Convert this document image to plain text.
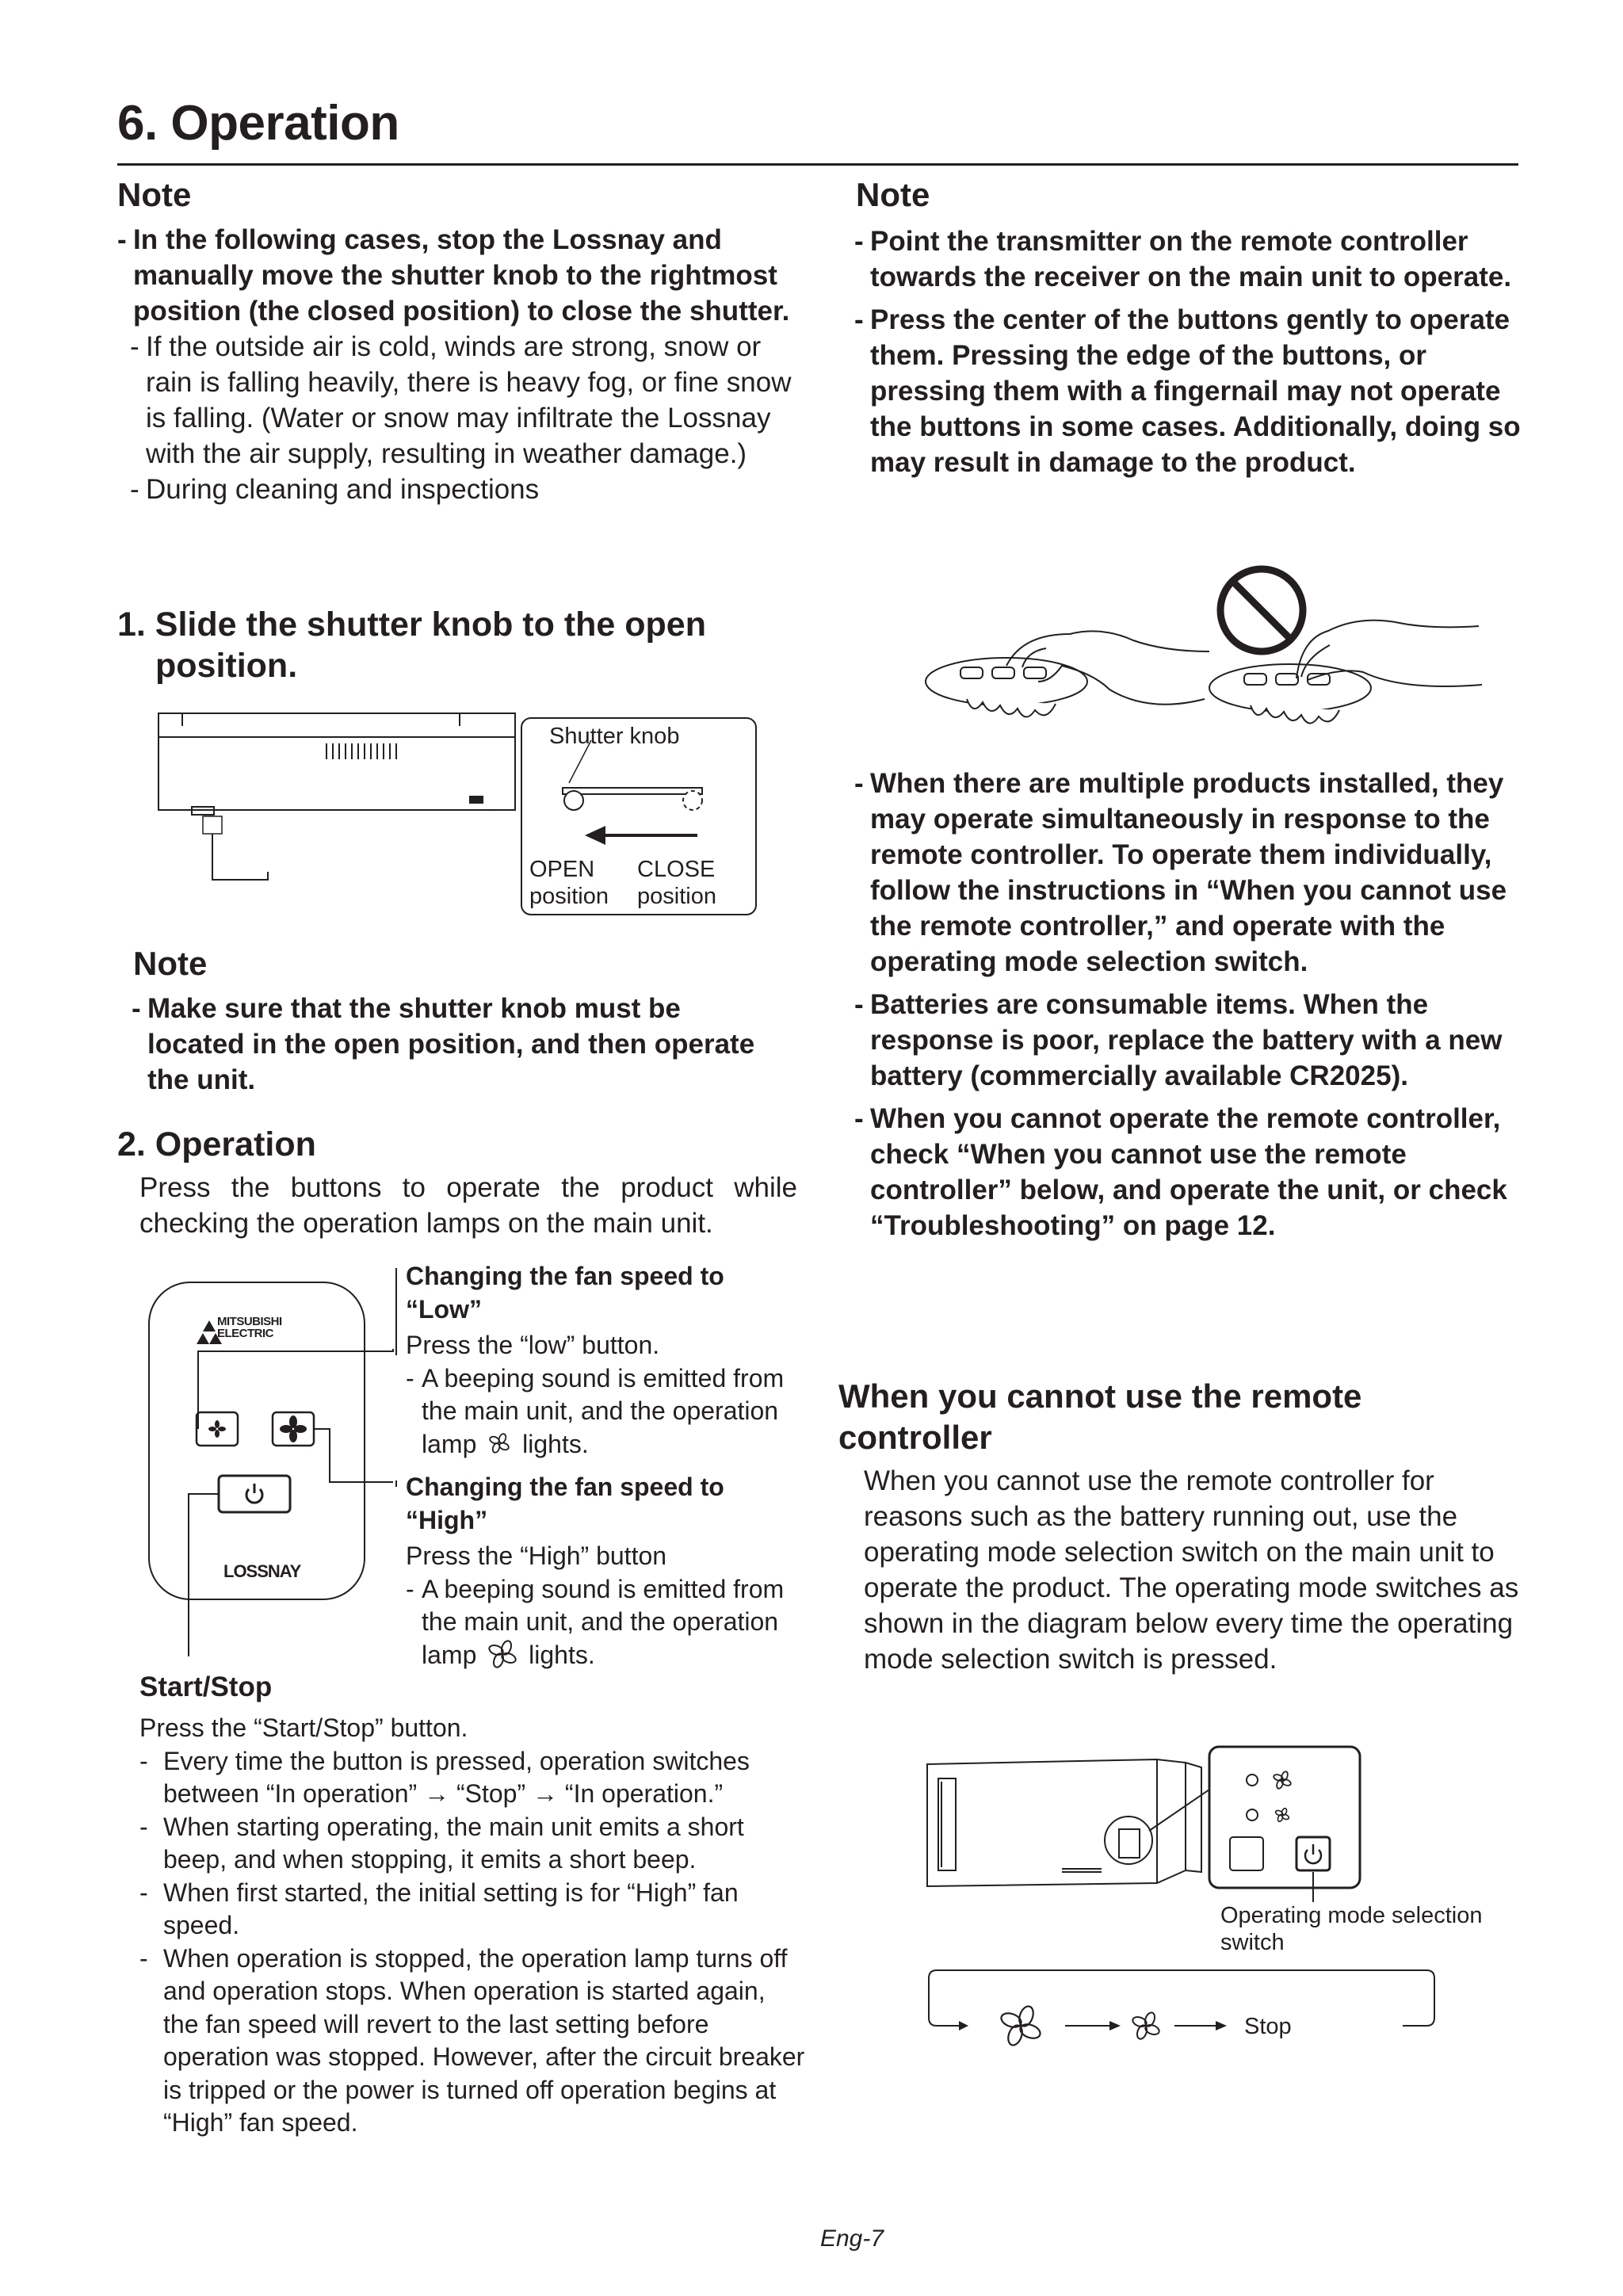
6. Operation
Note
- In the following cases, stop the Lossnay and manually move the shutter knob to the rightmost position (the closed position) to close the shutter.
- If the outside air is cold, winds are strong, snow or rain is falling heavily, there is heavy fog, or fine snow is falling. (Water or snow may infiltrate the Lossnay with the air supply, resulting in weather damage.)
- During cleaning and inspections
1. Slide the shutter knob to the open position.
Shutter knob
OPEN
position
CLOSE
position
Note
- Make sure that the shutter knob must be located in the open position, and then operate the unit.
2. Operation
Press the buttons to operate the product while checking the operation lamps on the main unit.
MITSUBISHI
ELECTRIC
LOSSNAY
Changing the fan speed to “Low”
Press the “low” button.
- A beeping sound is emitted from the main unit, and the operation lamp lights.
Changing the fan speed to “High”
Press the “High” button
- A beeping sound is emitted from the main unit, and the operation lamp lights.
Start/Stop
Press the “Start/Stop” button.
- Every time the button is pressed, operation switches between “In operation” → “Stop” → “In operation.”
- When starting operating, the main unit emits a short beep, and when stopping, it emits a short beep.
- When first started, the initial setting is for “High” fan speed.
- When operation is stopped, the operation lamp turns off and operation stops. When operation is started again, the fan speed will revert to the last setting before operation was stopped. However, after the circuit breaker is tripped or the power is turned off operation begins at “High” fan speed.
Note
- Point the transmitter on the remote controller towards the receiver on the main unit to operate.
- Press the center of the buttons gently to operate them. Pressing the edge of the buttons, or pressing them with a fingernail may not operate the buttons in some cases. Additionally, doing so may result in damage to the product.
- When there are multiple products installed, they may operate simultaneously in response to the remote controller. To operate them individually, follow the instructions in “When you cannot use the remote controller,” and operate with the operating mode selection switch.
- Batteries are consumable items. When the response is poor, replace the battery with a new battery (commercially available CR2025).
- When you cannot operate the remote controller, check “When you cannot use the remote controller” below, and operate the unit, or check “Troubleshooting” on page 12.
When you cannot use the remote controller
When you cannot use the remote controller for reasons such as the battery running out, use the operating mode selection switch on the main unit to operate the product. The operating mode switches as shown in the diagram below every time the operating mode selection switch is pressed.
Operating mode selection switch
Stop
Eng-7
